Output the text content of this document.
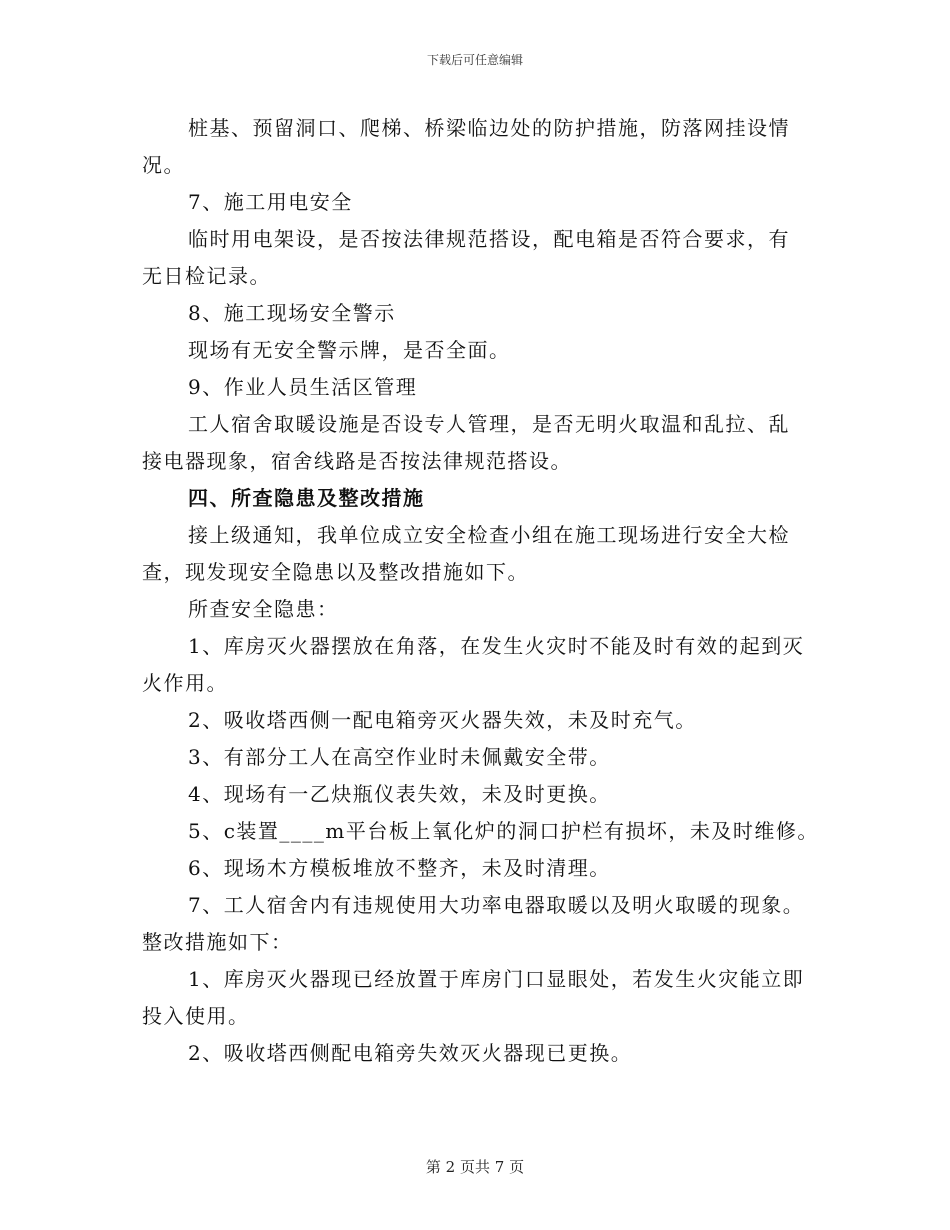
下载后可任意编辑
桩基、预留洞口、爬梯、桥梁临边处的防护措施，防落网挂设情
况。
7、施工用电安全
临时用电架设，是否按法律规范搭设，配电箱是否符合要求，有
无日检记录。
8、施工现场安全警示
现场有无安全警示牌，是否全面。
9、作业人员生活区管理
工人宿舍取暖设施是否设专人管理，是否无明火取温和乱拉、乱
接电器现象，宿舍线路是否按法律规范搭设。
四、所查隐患及整改措施
接上级通知，我单位成立安全检查小组在施工现场进行安全大检
查，现发现安全隐患以及整改措施如下。
所查安全隐患：
1、库房灭火器摆放在角落，在发生火灾时不能及时有效的起到灭
火作用。
2、吸收塔西侧一配电箱旁灭火器失效，未及时充气。
3、有部分工人在高空作业时未佩戴安全带。
4、现场有一乙炔瓶仪表失效，未及时更换。
5、c装置____m平台板上氧化炉的洞口护栏有损坏，未及时维修。
6、现场木方模板堆放不整齐，未及时清理。
7、工人宿舍内有违规使用大功率电器取暖以及明火取暖的现象。
整改措施如下：
1、库房灭火器现已经放置于库房门口显眼处，若发生火灾能立即
投入使用。
2、吸收塔西侧配电箱旁失效灭火器现已更换。
第 2 页共 7 页
